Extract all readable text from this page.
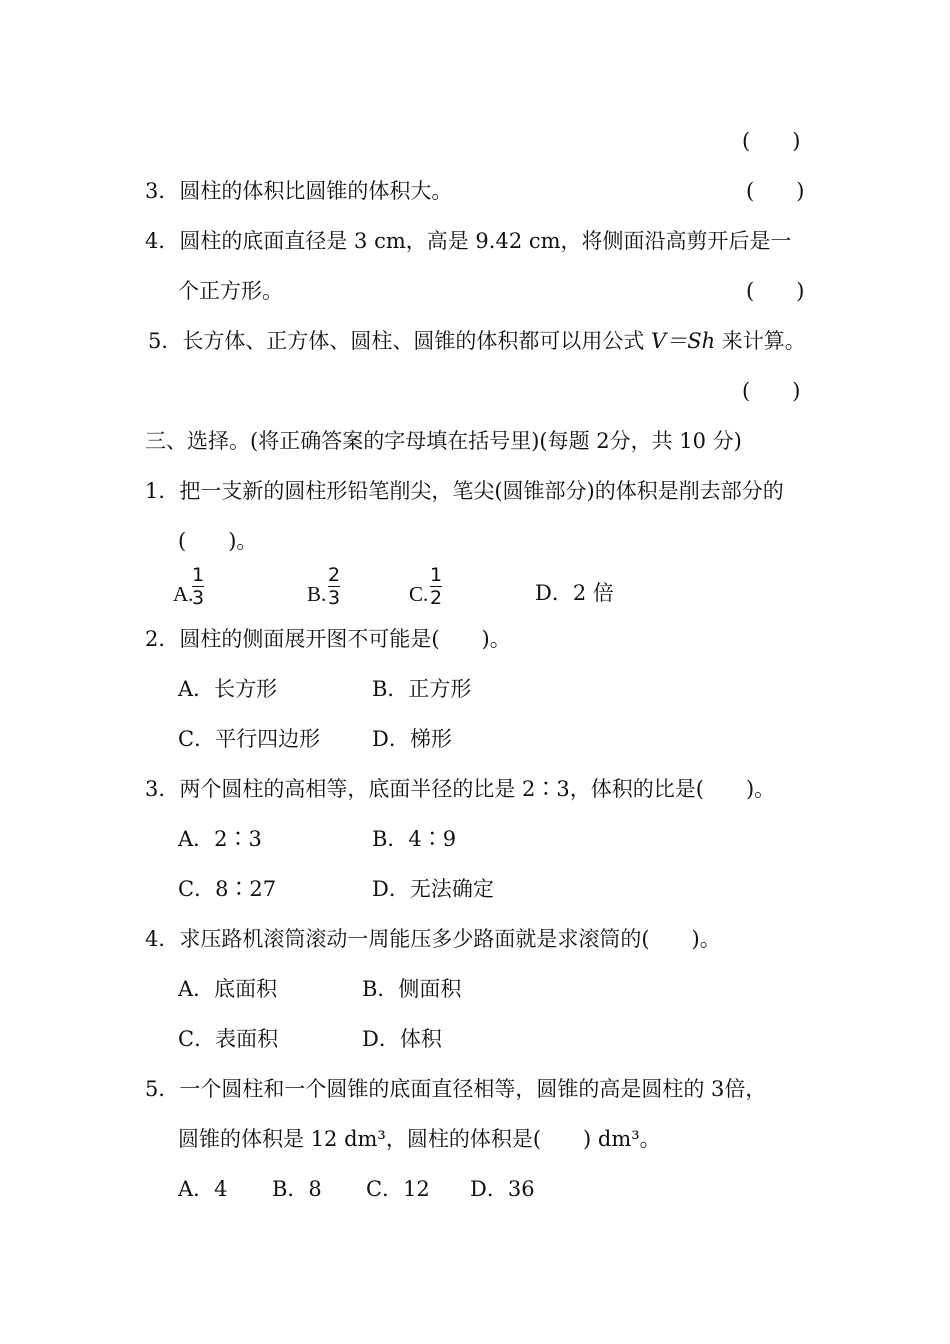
(　　)
3．圆柱的体积比圆锥的体积大。	(　　)
4．圆柱的底面直径是 3 cm，高是 9.42 cm，将侧面沿高剪开后是一
个正方形。	(　　)
5．长方体、正方体、圆柱、圆锥的体积都可以用公式 V＝Sh 来计算。
(　　)
三、选择。(将正确答案的字母填在括号里)(每题 2分，共 10 分)
1．把一支新的圆柱形铅笔削尖，笔尖(圆锥部分)的体积是削去部分的
(　　)。
A.
1
3	B.
2
3	C.
1
2	D．2 倍
2．圆柱的侧面展开图不可能是(　　)。
A．长方形	B．正方形
C．平行四边形 D．梯形
3．两个圆柱的高相等，底面半径的比是 2∶3，体积的比是(　　)。
A．2∶3	B．4∶9
C．8∶27	D．无法确定
4．求压路机滚筒滚动一周能压多少路面就是求滚筒的(　　)。
A．底面积	B．侧面积
C．表面积	D．体积
5．一个圆柱和一个圆锥的底面直径相等，圆锥的高是圆柱的 3倍，
圆锥的体积是 12 dm³，圆柱的体积是(　　) dm³。
A．4 B．8 C．12 D．36
